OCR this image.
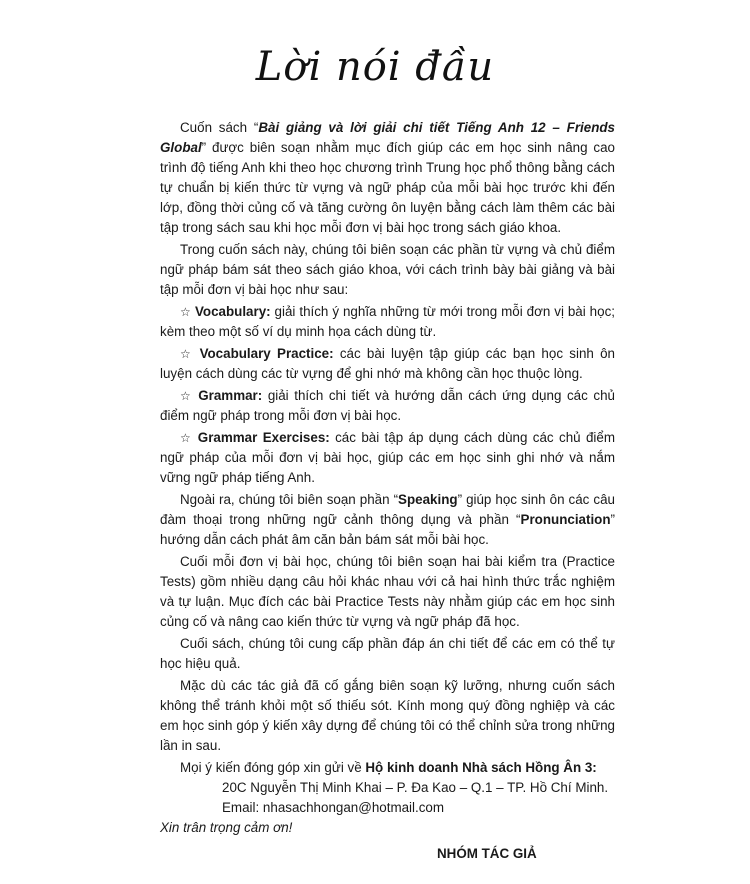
Lời nói đầu

Cuốn sách “Bài giảng và lời giải chi tiết Tiếng Anh 12 – Friends Global” được biên soạn nhằm mục đích giúp các em học sinh nâng cao trình độ tiếng Anh khi theo học chương trình Trung học phổ thông bằng cách tự chuẩn bị kiến thức từ vựng và ngữ pháp của mỗi bài học trước khi đến lớp, đồng thời củng cố và tăng cường ôn luyện bằng cách làm thêm các bài tập trong sách sau khi học mỗi đơn vị bài học trong sách giáo khoa.

Trong cuốn sách này, chúng tôi biên soạn các phần từ vựng và chủ điểm ngữ pháp bám sát theo sách giáo khoa, với cách trình bày bài giảng và bài tập mỗi đơn vị bài học như sau:

☆ Vocabulary: giải thích ý nghĩa những từ mới trong mỗi đơn vị bài học; kèm theo một số ví dụ minh họa cách dùng từ.

☆ Vocabulary Practice: các bài luyện tập giúp các bạn học sinh ôn luyện cách dùng các từ vựng để ghi nhớ mà không cần học thuộc lòng.

☆ Grammar: giải thích chi tiết và hướng dẫn cách ứng dụng các chủ điểm ngữ pháp trong mỗi đơn vị bài học.

☆ Grammar Exercises: các bài tập áp dụng cách dùng các chủ điểm ngữ pháp của mỗi đơn vị bài học, giúp các em học sinh ghi nhớ và nắm vững ngữ pháp tiếng Anh.

Ngoài ra, chúng tôi biên soạn phần “Speaking” giúp học sinh ôn các câu đàm thoại trong những ngữ cảnh thông dụng và phần “Pronunciation” hướng dẫn cách phát âm căn bản bám sát mỗi bài học.

Cuối mỗi đơn vị bài học, chúng tôi biên soạn hai bài kiểm tra (Practice Tests) gồm nhiều dạng câu hỏi khác nhau với cả hai hình thức trắc nghiệm và tự luận. Mục đích các bài Practice Tests này nhằm giúp các em học sinh củng cố và nâng cao kiến thức từ vựng và ngữ pháp đã học.

Cuối sách, chúng tôi cung cấp phần đáp án chi tiết để các em có thể tự học hiệu quả.

Mặc dù các tác giả đã cố gắng biên soạn kỹ lưỡng, nhưng cuốn sách không thể tránh khỏi một số thiếu sót. Kính mong quý đồng nghiệp và các em học sinh góp ý kiến xây dựng để chúng tôi có thể chỉnh sửa trong những lần in sau.

Mọi ý kiến đóng góp xin gửi về Hộ kinh doanh Nhà sách Hồng Ân 3:

20C Nguyễn Thị Minh Khai – P. Đa Kao – Q.1 – TP. Hồ Chí Minh.

Email: nhasachhongan@hotmail.com

Xin trân trọng cảm ơn!

NHÓM TÁC GIẢ
